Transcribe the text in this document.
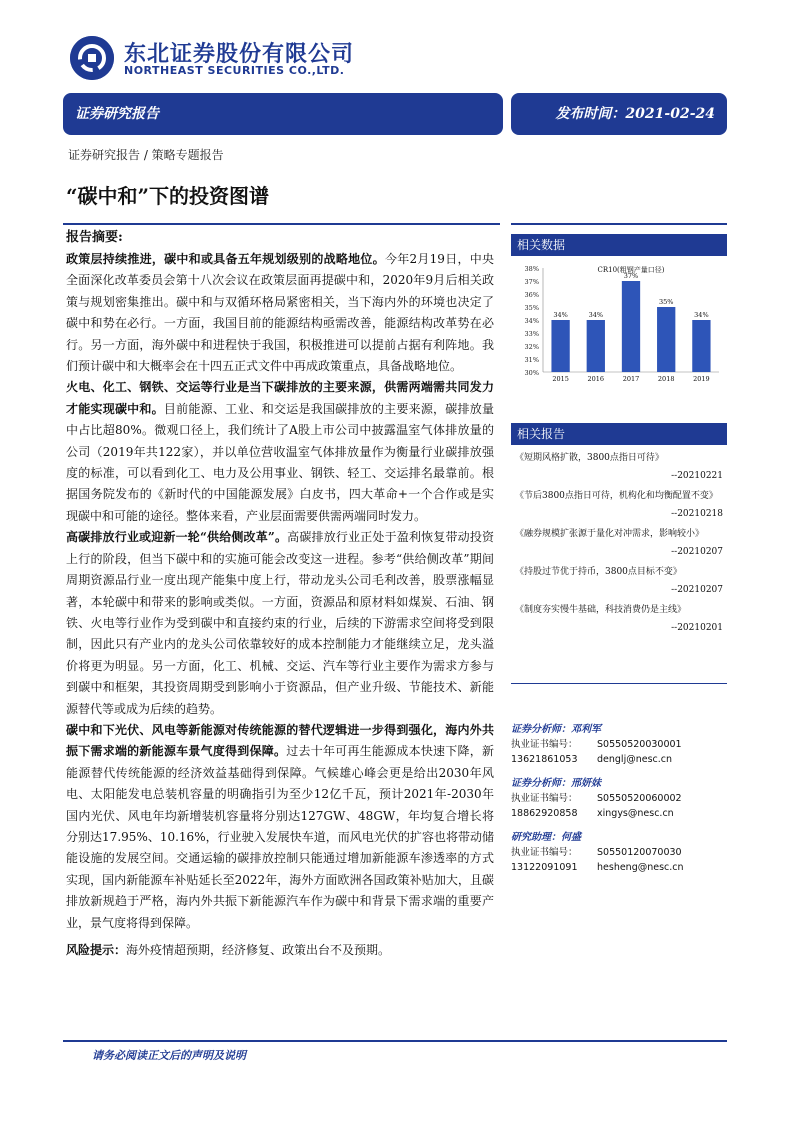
东北证券股份有限公司
NORTHEAST SECURITIES CO.,LTD.
证券研究报告	发布时间：2021-02-24
证券研究报告 / 策略专题报告
“碳中和”下的投资图谱
报告摘要:

政策层持续推进，碳中和或具备五年规划级别的战略地位。今年2月19日，中央全面深化改革委员会第十八次会议在政策层面再提碳中和，2020年9月后相关政策与规划密集推出。碳中和与双循环格局紧密相关，当下海内外的环境也决定了碳中和势在必行。一方面，我国目前的能源结构亟需改善，能源结构改革势在必行。另一方面，海外碳中和进程快于我国，积极推进可以提前占据有利阵地。我们预计碳中和大概率会在十四五正式文件中再成政策重点，具备战略地位。

火电、化工、钢铁、交运等行业是当下碳排放的主要来源，供需两端需共同发力才能实现碳中和。目前能源、工业、和交运是我国碳排放的主要来源，碳排放量中占比超80%。微观口径上，我们统计了A股上市公司中披露温室气体排放量的公司（2019年共122家），并以单位营收温室气体排放量作为衡量行业碳排放强度的标准，可以看到化工、电力及公用事业、钢铁、轻工、交运排名最靠前。根据国务院发布的《新时代的中国能源发展》白皮书，四大革命+一个合作或是实现碳中和可能的途径。整体来看，产业层面需要供需两端同时发力。

高碳排放行业或迎新一轮“供给侧改革”。高碳排放行业正处于盈利恢复带动投资上行的阶段，但当下碳中和的实施可能会改变这一进程。参考“供给侧改革”期间周期资源品行业一度出现产能集中度上行，带动龙头公司毛利改善，股票涨幅显著，本轮碳中和带来的影响或类似。一方面，资源品和原材料如煤炭、石油、钢铁、火电等行业作为受到碳中和直接约束的行业，后续的下游需求空间将受到限制，因此只有产业内的龙头公司依靠较好的成本控制能力才能继续立足，龙头溢价将更为明显。另一方面，化工、机械、交运、汽车等行业主要作为需求方参与到碳中和框架，其投资周期受到影响小于资源品，但产业升级、节能技术、新能源替代等或成为后续的趋势。

碳中和下光伏、风电等新能源对传统能源的替代逻辑进一步得到强化，海内外共振下需求端的新能源车景气度得到保障。过去十年可再生能源成本快速下降，新能源替代传统能源的经济效益基础得到保障。气候雄心峰会更是给出2030年风电、太阳能发电总装机容量的明确指引为至少12亿千瓦，预计2021年-2030年国内光伏、风电年均新增装机容量将分别达127GW、48GW，年均复合增长将分别达17.95%、10.16%，行业驶入发展快车道，而风电光伏的扩容也将带动储能设施的发展空间。交通运输的碳排放控制只能通过增加新能源车渗透率的方式实现，国内新能源车补贴延长至2022年，海外方面欧洲各国政策补贴加大，且碳排放新规趋于严格，海内外共振下新能源汽车作为碳中和背景下需求端的重要产业，景气度将得到保障。

风险提示：海外疫情超预期，经济修复、政策出台不及预期。

相关数据
30%
31%
32%
33%
34%
35%
36%
37%
38%	CR10(粗钢产量口径)
34%
2015
34%
2016
37%
2017
35%
2018
34%
2019
相关报告
《短期风格扩散，3800点指日可待》
--20210221
《节后3800点指日可待，机构化和均衡配置不变》
--20210218
《融券规模扩张源于量化对冲需求，影响较小》
--20210207
《持股过节优于持币，3800点目标不变》
--20210207
《制度夯实慢牛基础，科技消费仍是主线》
--20210201
证券分析师：邓利军
执业证书编号：	S0550520030001
13621861053	denglj@nesc.cn
证券分析师：邢妍妹
执业证书编号：	S0550520060002
18862920858	xingys@nesc.cn
研究助理：何盛
执业证书编号：	S0550120070030
13122091091	hesheng@nesc.cn
请务必阅读正文后的声明及说明
